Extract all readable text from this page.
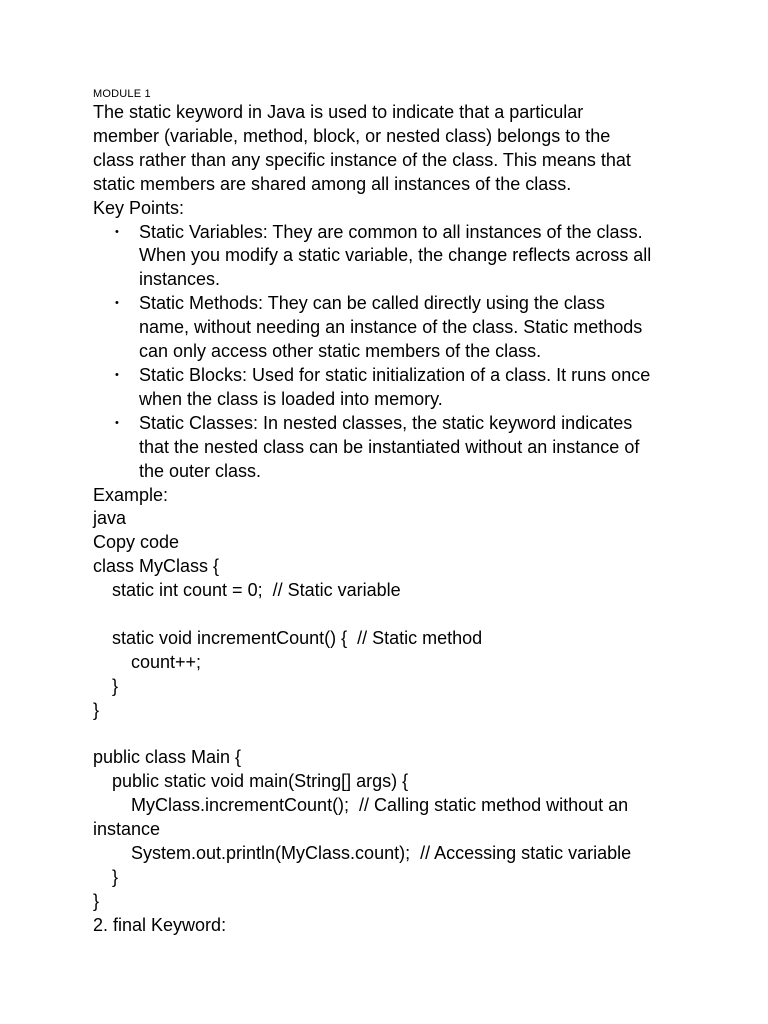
MODULE 1

The static keyword in Java is used to indicate that a particular

member (variable, method, block, or nested class) belongs to the

class rather than any specific instance of the class. This means that

static members are shared among all instances of the class.

Key Points:

• Static Variables: They are common to all instances of the class.
When you modify a static variable, the change reflects across all
instances.
• Static Methods: They can be called directly using the class
name, without needing an instance of the class. Static methods
can only access other static members of the class.
• Static Blocks: Used for static initialization of a class. It runs once
when the class is loaded into memory.
• Static Classes: In nested classes, the static keyword indicates
that the nested class can be instantiated without an instance of
the outer class.

Example:

java

Copy code

class MyClass {
static int count = 0;  // Static variable
static void incrementCount() {  // Static method
count++;
}
}
public class Main {
public static void main(String[] args) {
MyClass.incrementCount();  // Calling static method without an
instance
System.out.println(MyClass.count);  // Accessing static variable
}
}

2. final Keyword:
